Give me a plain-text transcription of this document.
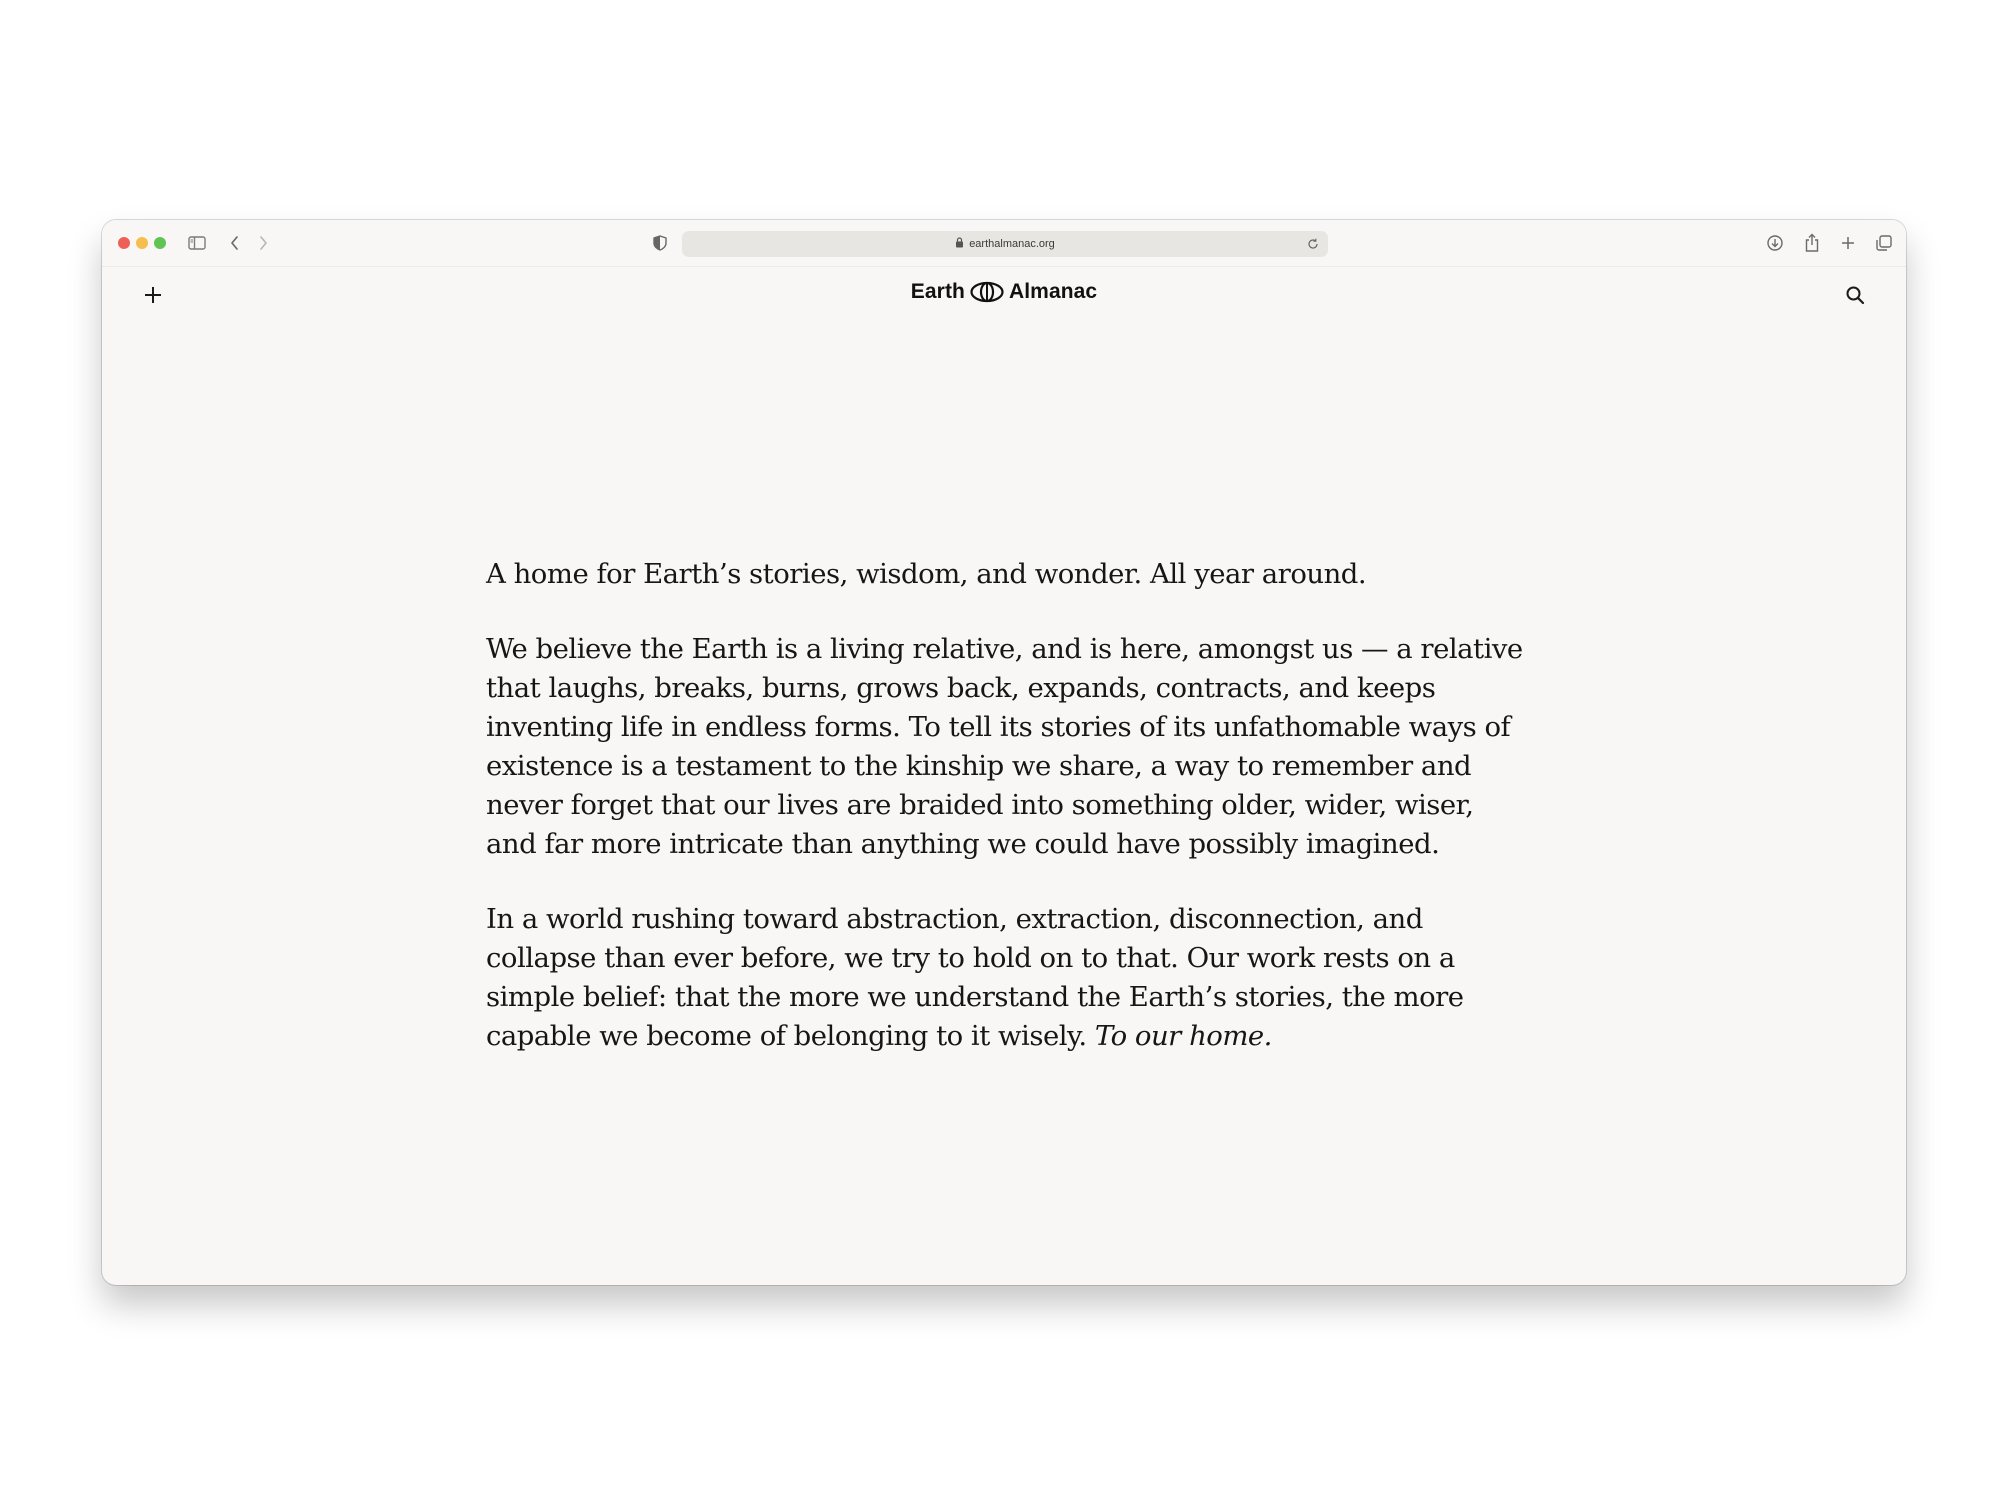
earthalmanac.org
Earth Almanac

A home for Earth’s stories, wisdom, and wonder. All year around.

We believe the Earth is a living relative, and is here, amongst us — a relative that laughs, breaks, burns, grows back, expands, contracts, and keeps inventing life in endless forms. To tell its stories of its unfathomable ways of existence is a testament to the kinship we share, a way to remember and never forget that our lives are braided into something older, wider, wiser, and far more intricate than anything we could have possibly imagined.

In a world rushing toward abstraction, extraction, disconnection, and collapse than ever before, we try to hold on to that. Our work rests on a simple belief: that the more we understand the Earth’s stories, the more capable we become of belonging to it wisely. To our home.
